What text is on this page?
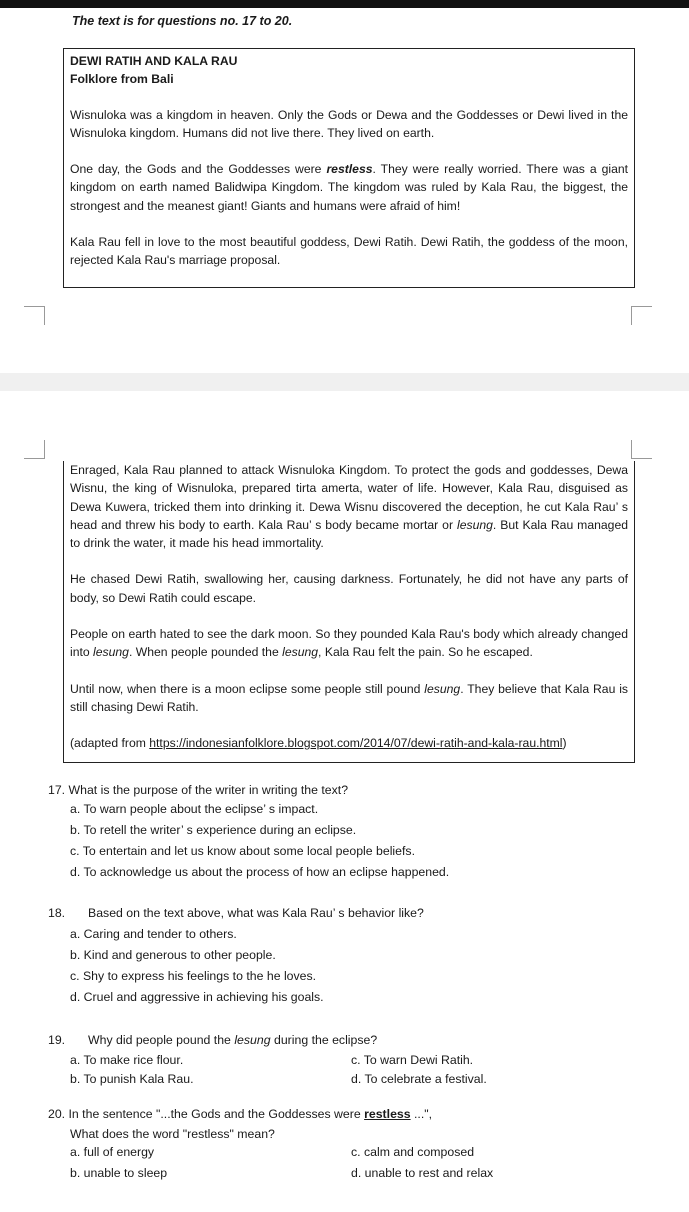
The text is for questions no. 17 to 20.

DEWI RATIH AND KALA RAU

Folklore from Bali

Wisnuloka was a kingdom in heaven. Only the Gods or Dewa and the Goddesses or Dewi lived in the Wisnuloka kingdom. Humans did not live there. They lived on earth.

One day, the Gods and the Goddesses were restless. They were really worried. There was a giant kingdom on earth named Balidwipa Kingdom. The kingdom was ruled by Kala Rau, the biggest, the strongest and the meanest giant! Giants and humans were afraid of him!

Kala Rau fell in love to the most beautiful goddess, Dewi Ratih. Dewi Ratih, the goddess of the moon, rejected Kala Rau's marriage proposal.

Enraged, Kala Rau planned to attack Wisnuloka Kingdom. To protect the gods and goddesses, Dewa Wisnu, the king of Wisnuloka, prepared tirta amerta, water of life. However, Kala Rau, disguised as Dewa Kuwera, tricked them into drinking it. Dewa Wisnu discovered the deception, he cut Kala Rau’ s head and threw his body to earth. Kala Rau’ s body became mortar or lesung. But Kala Rau managed to drink the water, it made his head immortality.

He chased Dewi Ratih, swallowing her, causing darkness. Fortunately, he did not have any parts of body, so Dewi Ratih could escape.

People on earth hated to see the dark moon. So they pounded Kala Rau's body which already changed into lesung. When people pounded the lesung, Kala Rau felt the pain. So he escaped.

Until now, when there is a moon eclipse some people still pound lesung. They believe that Kala Rau is still chasing Dewi Ratih.

(adapted from https://indonesianfolklore.blogspot.com/2014/07/dewi-ratih-and-kala-rau.html)

17. What is the purpose of the writer in writing the text?
a. To warn people about the eclipse’ s impact.
b. To retell the writer’ s experience during an eclipse.
c. To entertain and let us know about some local people beliefs.
d. To acknowledge us about the process of how an eclipse happened.
18. Based on the text above, what was Kala Rau’ s behavior like?
a. Caring and tender to others.
b. Kind and generous to other people.
c. Shy to express his feelings to the he loves.
d. Cruel and aggressive in achieving his goals.
19. Why did people pound the lesung during the eclipse?
a. To make rice flour.
b. To punish Kala Rau.
c. To warn Dewi Ratih.
d. To celebrate a festival.
20. In the sentence "...the Gods and the Goddesses were restless ...",
What does the word "restless" mean?
a. full of energy
b. unable to sleep
c. calm and composed
d. unable to rest and relax
